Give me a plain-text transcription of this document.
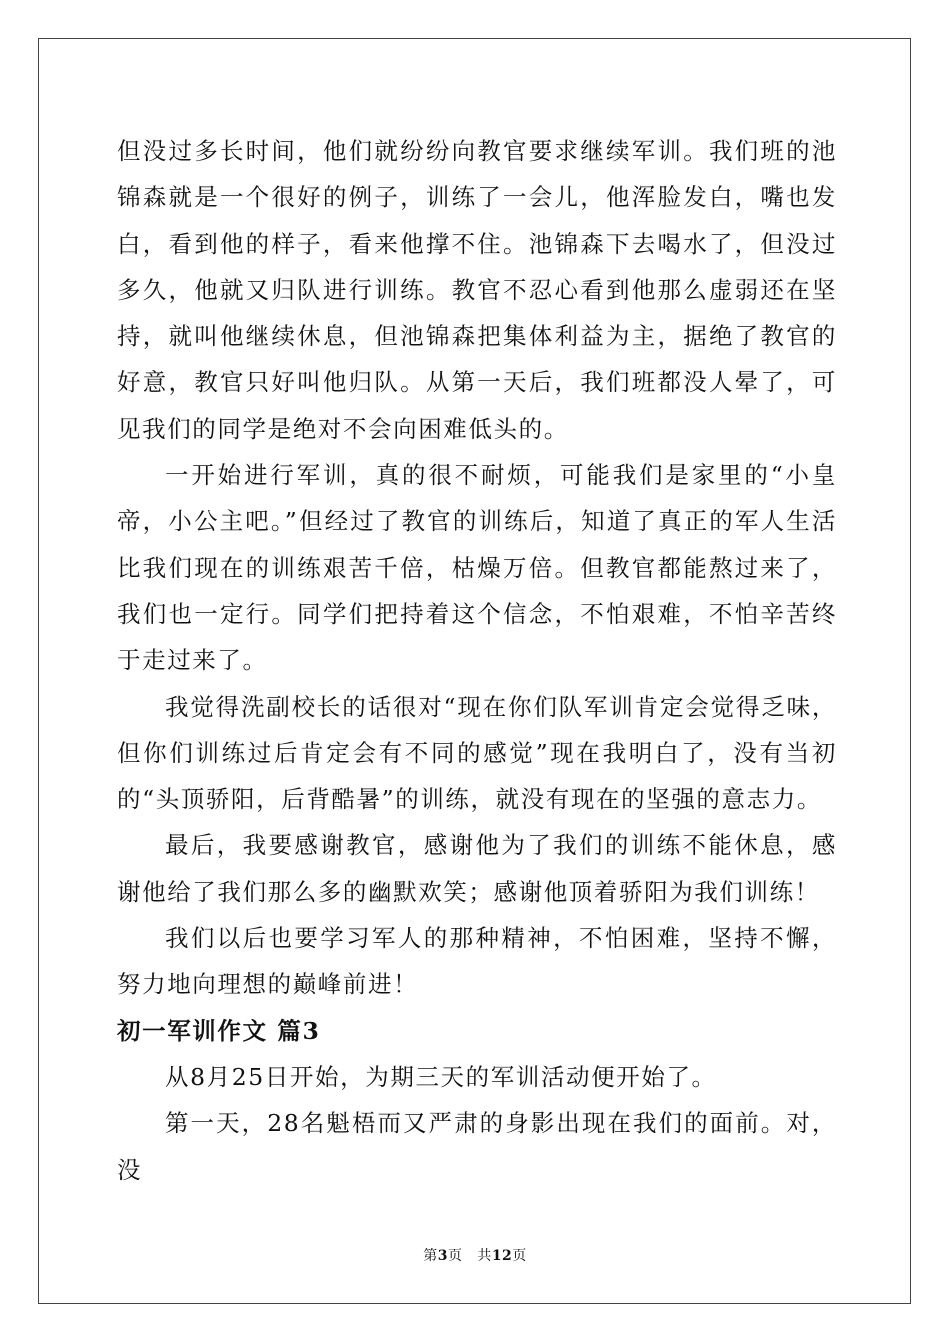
但没过多长时间，他们就纷纷向教官要求继续军训。我们班的池锦森就是一个很好的例子，训练了一会儿，他浑脸发白，嘴也发白，看到他的样子，看来他撑不住。池锦森下去喝水了，但没过多久，他就又归队进行训练。教官不忍心看到他那么虚弱还在坚持，就叫他继续休息，但池锦森把集体利益为主，据绝了教官的好意，教官只好叫他归队。从第一天后，我们班都没人晕了，可见我们的同学是绝对不会向困难低头的。

一开始进行军训，真的很不耐烦，可能我们是家里的“小皇帝，小公主吧。”但经过了教官的训练后，知道了真正的军人生活比我们现在的训练艰苦千倍，枯燥万倍。但教官都能熬过来了，我们也一定行。同学们把持着这个信念，不怕艰难，不怕辛苦终于走过来了。

我觉得洗副校长的话很对“现在你们队军训肯定会觉得乏味，但你们训练过后肯定会有不同的感觉”现在我明白了，没有当初的“头顶骄阳，后背酷暑”的训练，就没有现在的坚强的意志力。

最后，我要感谢教官，感谢他为了我们的训练不能休息，感谢他给了我们那么多的幽默欢笑；感谢他顶着骄阳为我们训练！

我们以后也要学习军人的那种精神，不怕困难，坚持不懈，努力地向理想的巅峰前进！

初一军训作文 篇3

从8月25日开始，为期三天的军训活动便开始了。

第一天，28名魁梧而又严肃的身影出现在我们的面前。对，没

第3页 共12页
